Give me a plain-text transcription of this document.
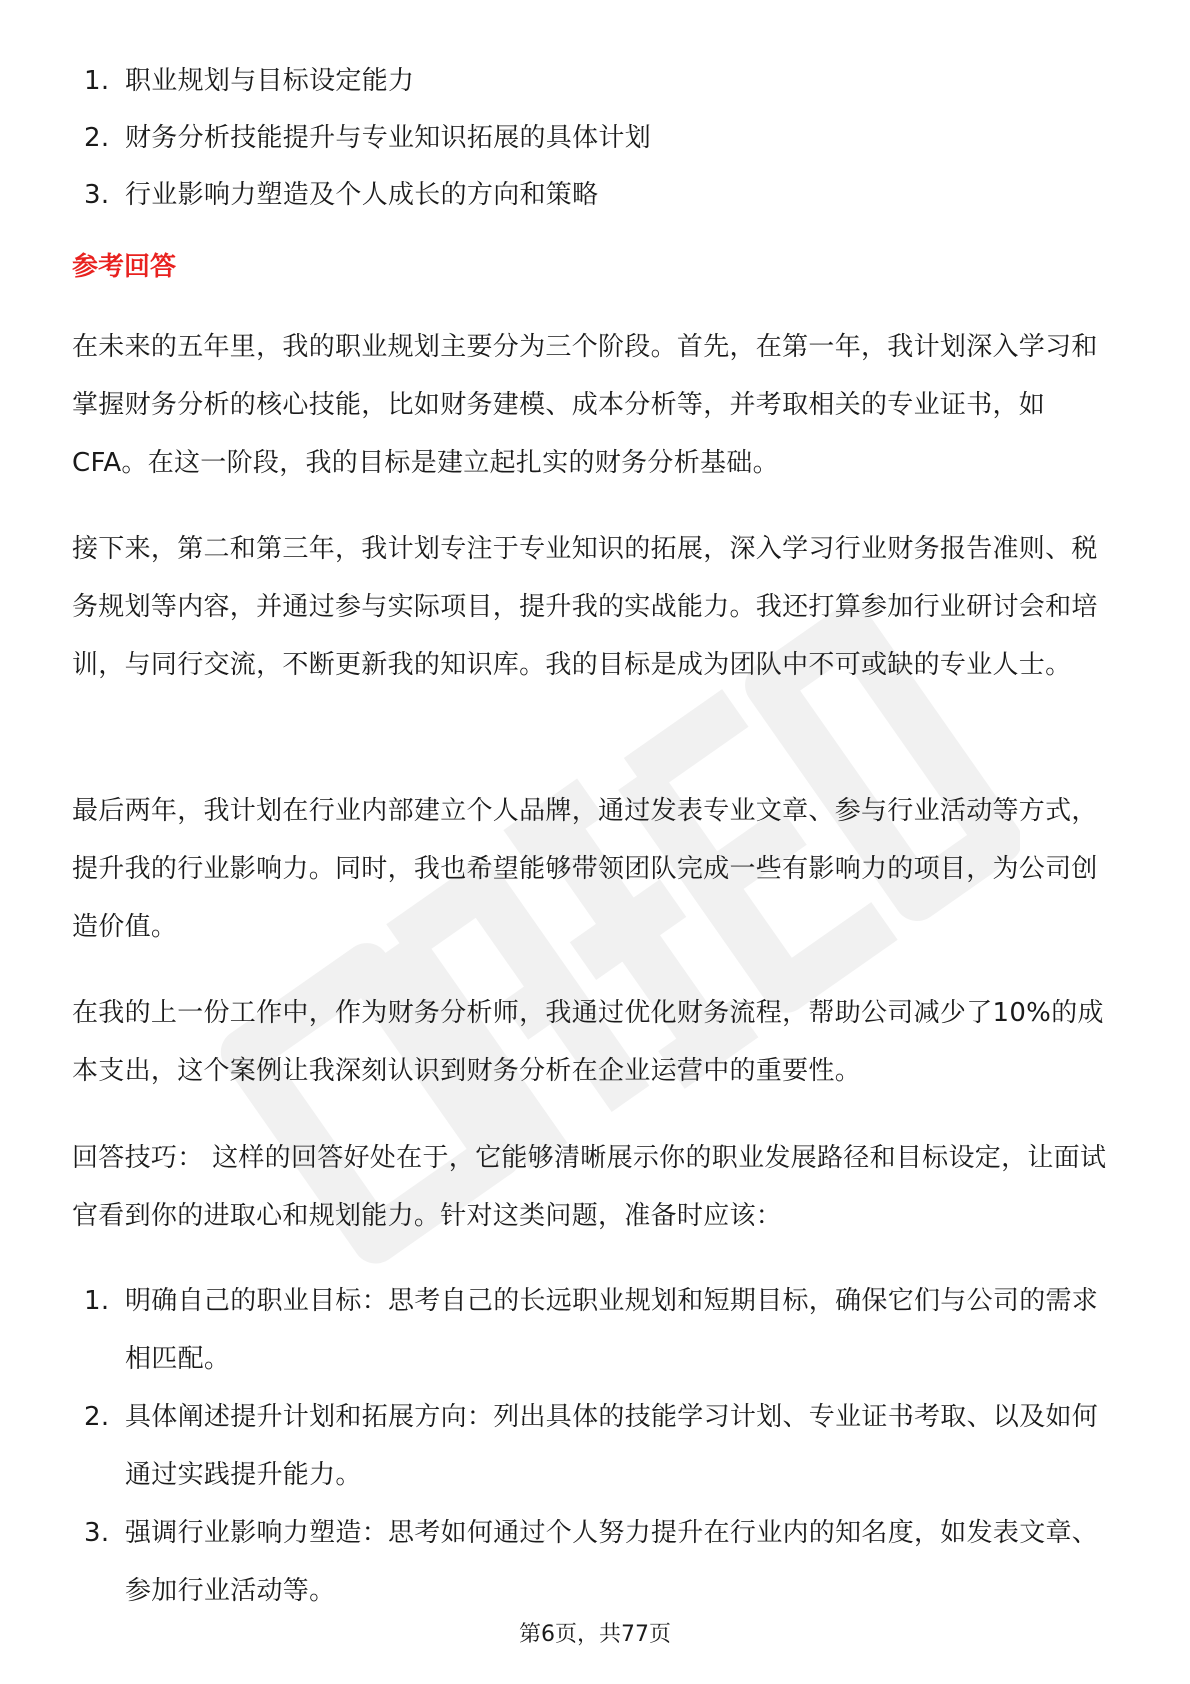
1. 职业规划与目标设定能力
2. 财务分析技能提升与专业知识拓展的具体计划
3. 行业影响力塑造及个人成长的方向和策略
参考回答

在未来的五年里，我的职业规划主要分为三个阶段。首先，在第一年，我计划深入学习和掌握财务分析的核心技能，比如财务建模、成本分析等，并考取相关的专业证书，如CFA。在这一阶段，我的目标是建立起扎实的财务分析基础。

接下来，第二和第三年，我计划专注于专业知识的拓展，深入学习行业财务报告准则、税务规划等内容，并通过参与实际项目，提升我的实战能力。我还打算参加行业研讨会和培训，与同行交流，不断更新我的知识库。我的目标是成为团队中不可或缺的专业人士。

最后两年，我计划在行业内部建立个人品牌，通过发表专业文章、参与行业活动等方式，提升我的行业影响力。同时，我也希望能够带领团队完成一些有影响力的项目，为公司创造价值。

在我的上一份工作中，作为财务分析师，我通过优化财务流程，帮助公司减少了10%的成本支出，这个案例让我深刻认识到财务分析在企业运营中的重要性。

回答技巧： 这样的回答好处在于，它能够清晰展示你的职业发展路径和目标设定，让面试官看到你的进取心和规划能力。针对这类问题，准备时应该：

1. 明确自己的职业目标：思考自己的长远职业规划和短期目标，确保它们与公司的需求相匹配。
2. 具体阐述提升计划和拓展方向：列出具体的技能学习计划、专业证书考取、以及如何通过实践提升能力。
3. 强调行业影响力塑造：思考如何通过个人努力提升在行业内的知名度，如发表文章、参加行业活动等。
第6页，共77页
